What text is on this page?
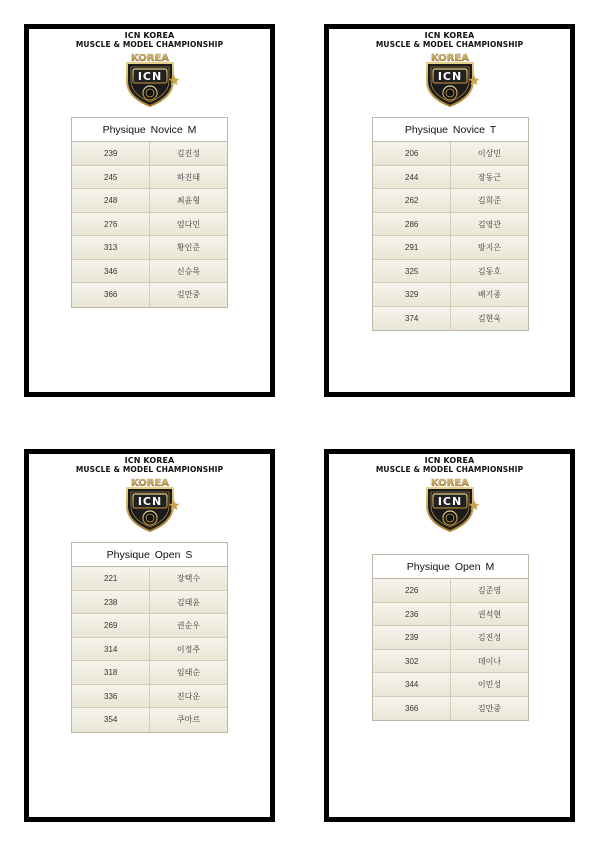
ICN KOREA
MUSCLE & MODEL CHAMPIONSHIP
KOREA
ICN
Physique Novice M
239	김진성
245	하진태
248	최윤형
276	엄다민
313	황인준
346	신승목
366	김만중
ICN KOREA
MUSCLE & MODEL CHAMPIONSHIP
KOREA
ICN
Physique Novice T
206	이상민
244	장동근
262	김희준
286	김영관
291	방지은
325	김동호
329	배기종
374	김현욱
ICN KOREA
MUSCLE & MODEL CHAMPIONSHIP
KOREA
ICN
Physique Open S
221	장택수
238	김태윤
269	권순우
314	이정주
318	임태순
336	진다운
354	쿠마르
ICN KOREA
MUSCLE & MODEL CHAMPIONSHIP
KOREA
ICN
Physique Open M
226	김준영
236	권석현
239	김진성
302	데이나
344	이민성
366	김만중
